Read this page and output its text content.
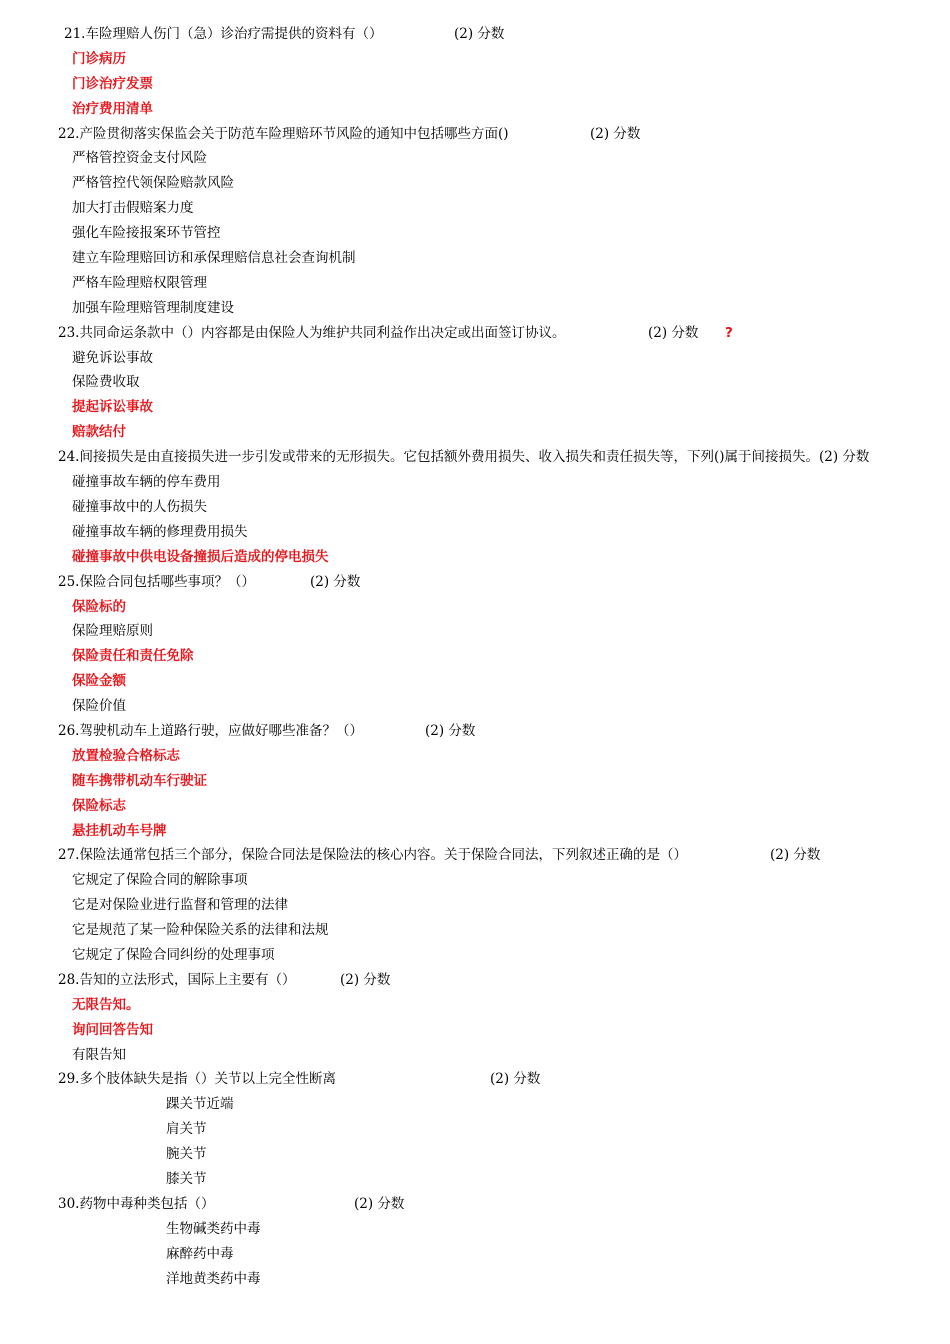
21.车险理赔人伤门（急）诊治疗需提供的资料有（）	(2) 分数
门诊病历
门诊治疗发票
治疗费用清单
22.产险贯彻落实保监会关于防范车险理赔环节风险的通知中包括哪些方面()	(2) 分数
严格管控资金支付风险
严格管控代领保险赔款风险
加大打击假赔案力度
强化车险接报案环节管控
建立车险理赔回访和承保理赔信息社会查询机制
严格车险理赔权限管理
加强车险理赔管理制度建设
23.共同命运条款中（）内容都是由保险人为维护共同利益作出决定或出面签订协议。	(2) 分数 ?
避免诉讼事故
保险费收取
提起诉讼事故
赔款结付
24.间接损失是由直接损失进一步引发或带来的无形损失。它包括额外费用损失、收入损失和责任损失等，下列()属于间接损失。(2) 分数
碰撞事故车辆的停车费用
碰撞事故中的人伤损失
碰撞事故车辆的修理费用损失
碰撞事故中供电设备撞损后造成的停电损失
25.保险合同包括哪些事项？（）	(2) 分数
保险标的
保险理赔原则
保险责任和责任免除
保险金额
保险价值
26.驾驶机动车上道路行驶，应做好哪些准备？（）	(2) 分数
放置检验合格标志
随车携带机动车行驶证
保险标志
悬挂机动车号牌
27.保险法通常包括三个部分，保险合同法是保险法的核心内容。关于保险合同法，下列叙述正确的是（）	(2) 分数
它规定了保险合同的解除事项
它是对保险业进行监督和管理的法律
它是规范了某一险种保险关系的法律和法规
它规定了保险合同纠纷的处理事项
28.告知的立法形式，国际上主要有（）	(2) 分数
无限告知。
询问回答告知
有限告知
29.多个肢体缺失是指（）关节以上完全性断离	(2) 分数
踝关节近端
肩关节
腕关节
膝关节
30.药物中毒种类包括（）	(2) 分数
生物碱类药中毒
麻醉药中毒
洋地黄类药中毒
